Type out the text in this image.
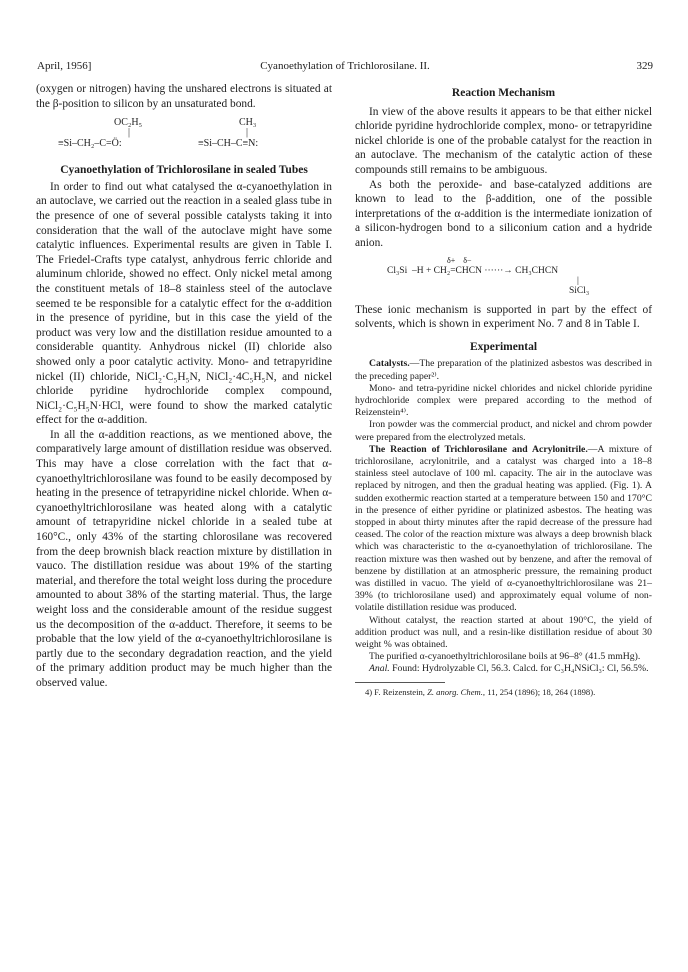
April, 1956]	Cyanoethylation of Trichlorosilane. II.	329

(oxygen or nitrogen) having the unshared electrons is situated at the β-position to silicon by an unsaturated bond.

OC₂H₅
|
≡Si–CH₂–C=Ö:
CH₃
|
≡Si–CH–C≡N:
Cyanoethylation of Trichlorosilane in sealed Tubes

In order to find out what catalysed the α-cyanoethylation in an autoclave, we carried out the reaction in a sealed glass tube in the presence of one of several possible catalysts taking it into consideration that the wall of the autoclave might have some catalytic influences. Experimental results are given in Table I. The Friedel-Crafts type catalyst, anhydrous ferric chloride and aluminum chloride, showed no effect. Only nickel metal among the constituent metals of 18–8 stainless steel of the autoclave seemed te be responsible for a catalytic effect for the α-addition in the presence of pyridine, but in this case the yield of the product was very low and the distillation residue amounted to a considerable quantity. Anhydrous nickel (II) chloride also showed only a poor catalytic activity. Mono- and tetrapyridine nickel (II) chloride, NiCl₂·C₅H₅N, NiCl₂·4C₅H₅N, and nickel chloride pyridine hydrochloride complex compound, NiCl₂·C₅H₅N·HCl, were found to show the marked catalytic effect for the α-addition.

In all the α-addition reactions, as we mentioned above, the comparatively large amount of distillation residue was observed. This may have a close correlation with the fact that α-cyanoethyltrichlorosilane was found to be easily decomposed by heating in the presence of tetrapyridine nickel chloride. When α-cyanoethyltrichlorosilane was heated along with a catalytic amount of tetrapyridine nickel chloride in a sealed tube at 160°C., only 43% of the starting chlorosilane was recovered from the deep brownish black reaction mixture by distillation in vauco. The distillation residue was about 19% of the starting material, and therefore the total weight loss during the procedure amounted to about 38% of the starting material. Thus, the large weight loss and the considerable amount of the residue suggest us the decomposition of the α-adduct. Therefore, it seems to be probable that the low yield of the α-cyanoethyltrichlorosilane is partly due to the secondary degradation reaction, and the yield of the primary addition product may be much higher than the observed value.

Reaction Mechanism

In view of the above results it appears to be that either nickel chloride pyridine hydrochloride complex, mono- or tetrapyridine nickel chloride is one of the probable catalyst for the reaction in an autoclave. The mechanism of the catalytic action of these compounds still remains to be ambiguous.

As both the peroxide- and base-catalyzed additions are known to lead to the β-addition, one of the possible interpretations of the α-addition is the intermediate ionization of a silicon-hydrogen bond to a siliconium cation and a hydride anion.

δ+    δ−
Cl₃Si  –H + CH₂=CHCN ······→ CH₃CHCN
|
SiCl₃

These ionic mechanism is supported in part by the effect of solvents, which is shown in experiment No. 7 and 8 in Table I.

Experimental

Catalysts.—The preparation of the platinized asbestos was described in the preceding paper²⁾.

Mono- and tetra-pyridine nickel chlorides and nickel chloride pyridine hydrochloride complex were prepared according to the method of Reizenstein⁴⁾.

Iron powder was the commercial product, and nickel and chrom powder were prepared from the electrolyzed metals.

The Reaction of Trichlorosilane and Acrylonitrile.—A mixture of trichlorosilane, acrylonitrile, and a catalyst was charged into a 18–8 stainless steel autoclave of 100 ml. capacity. The air in the autoclave was replaced by nitrogen, and then the gradual heating was applied. (Fig. 1). A sudden exothermic reaction started at a temperature between 150 and 170°C in the presence of either pyridine or platinized asbestos. The heating was stopped in about thirty minutes after the rapid decrease of the pressure had ceased. The color of the reaction mixture was always a deep brownish black which was characteristic to the α-cyanoethylation of trichlorosilane. The reaction mixture was then washed out by benzene, and after the removal of benzene by distillation at an atmospheric pressure, the remaining product was distilled in vacuo. The yield of α-cyanoethyltrichlorosilane was 21–39% (to trichlorosilane used) and approximately equal volume of non-volatile distillation residue was produced.

Without catalyst, the reaction started at about 190°C, the yield of addition product was null, and a resin-like distillation residue of about 30 weight % was obtained.

The purified α-cyanoethyltrichlorosilane boils at 96–8° (41.5 mmHg).

Anal. Found: Hydrolyzable Cl, 56.3. Calcd. for C₃H₄NSiCl₃: Cl, 56.5%.

4) F. Reizenstein, Z. anorg. Chem., 11, 254 (1896); 18, 264 (1898).
